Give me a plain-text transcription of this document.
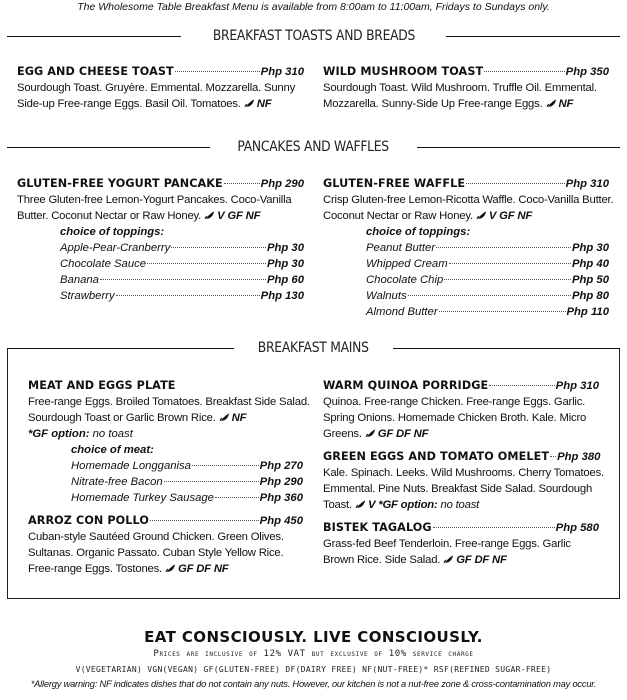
The Wholesome Table Breakfast Menu is available from 8:00am to 11:00am, Fridays to Sundays only.
BREAKFAST TOASTS AND BREADS
EGG AND CHEESE TOAST	Php 310
Sourdough Toast. Gruyère. Emmental. Mozzarella. Sunny
Side-up Free-range Eggs. Basil Oil. Tomatoes. NF
WILD MUSHROOM TOAST	Php 350
Sourdough Toast. Wild Mushroom. Truffle Oil. Emmental.
Mozzarella. Sunny-Side Up Free-range Eggs. NF
PANCAKES AND WAFFLES
GLUTEN-FREE YOGURT PANCAKE	Php 290
Three Gluten-free Lemon-Yogurt Pancakes. Coco-Vanilla
Butter. Coconut Nectar or Raw Honey. V GF NF
choice of toppings:
Apple-Pear-Cranberry	Php 30
Chocolate Sauce	Php 30
Banana	Php 60
Strawberry	Php 130
GLUTEN-FREE WAFFLE	Php 310
Crisp Gluten-free Lemon-Ricotta Waffle. Coco-Vanilla Butter.
Coconut Nectar or Raw Honey. V GF NF
choice of toppings:
Peanut Butter	Php 30
Whipped Cream	Php 40
Chocolate Chip	Php 50
Walnuts	Php 80
Almond Butter	Php 110
BREAKFAST MAINS
MEAT AND EGGS PLATE
Free-range Eggs. Broiled Tomatoes. Breakfast Side Salad.
Sourdough Toast or Garlic Brown Rice. NF
*GF option: no toast
choice of meat:
Homemade Longganisa	Php 270
Nitrate-free Bacon	Php 290
Homemade Turkey Sausage	Php 360
ARROZ CON POLLO	Php 450
Cuban-style Sautéed Ground Chicken. Green Olives.
Sultanas. Organic Passato. Cuban Style Yellow Rice.
Free-range Eggs. Tostones. GF DF NF
WARM QUINOA PORRIDGE	Php 310
Quinoa. Free-range Chicken. Free-range Eggs. Garlic.
Spring Onions. Homemade Chicken Broth. Kale. Micro
Greens. GF DF NF
GREEN EGGS AND TOMATO OMELET Php 380
Kale. Spinach. Leeks. Wild Mushrooms. Cherry Tomatoes.
Emmental. Pine Nuts. Breakfast Side Salad. Sourdough
Toast. V *GF option: no toast
BISTEK TAGALOG	Php 580
Grass-fed Beef Tenderloin. Free-range Eggs. Garlic
Brown Rice. Side Salad. GF DF NF
EAT CONSCIOUSLY. LIVE CONSCIOUSLY.
Prices are inclusive of 12% VAT but exclusive of 10% service charge
V(VEGETARIAN) VGN(VEGAN) GF(GLUTEN-FREE) DF(DAIRY FREE) NF(NUT-FREE)* RSF(REFINED SUGAR-FREE)
*Allergy warning: NF indicates dishes that do not contain any nuts. However, our kitchen is not a nut-free zone & cross-contamination may occur.
